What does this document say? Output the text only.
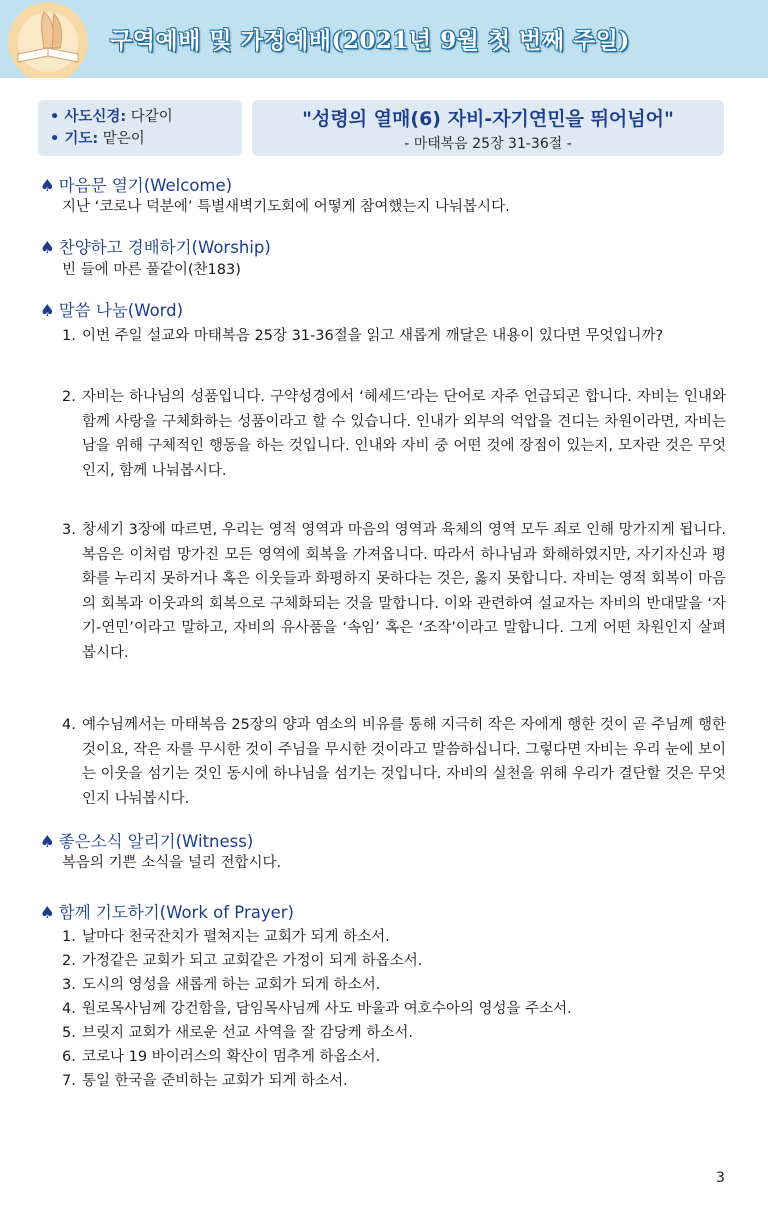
구역예배 및 가정예배(2021년 9월 첫 번째 주일)
• 사도신경: 다같이
• 기도: 맡은이
"성령의 열매(6) 자비-자기연민을 뛰어넘어"
- 마태복음 25장 31-36절 -
♠ 마음문 열기(Welcome)
지난 ‘코로나 덕분에’ 특별새벽기도회에 어떻게 참여했는지 나눠봅시다.
♠ 찬양하고 경배하기(Worship)
빈 들에 마른 풀같이(찬183)
♠ 말씀 나눔(Word)
1. 이번 주일 설교와 마태복음 25장 31-36절을 읽고 새롭게 깨달은 내용이 있다면 무엇입니까?
2. 자비는 하나님의 성품입니다. 구약성경에서 ‘헤세드’라는 단어로 자주 언급되곤 합니다. 자비는 인내와 함께 사랑을 구체화하는 성품이라고 할 수 있습니다. 인내가 외부의 억압을 견디는 차원이라면, 자비는 남을 위해 구체적인 행동을 하는 것입니다. 인내와 자비 중 어떤 것에 장점이 있는지, 모자란 것은 무엇인지, 함께 나눠봅시다.
3. 창세기 3장에 따르면, 우리는 영적 영역과 마음의 영역과 육체의 영역 모두 죄로 인해 망가지게 됩니다. 복음은 이처럼 망가진 모든 영역에 회복을 가져옵니다. 따라서 하나님과 화해하였지만, 자기자신과 평화를 누리지 못하거나 혹은 이웃들과 화평하지 못하다는 것은, 옳지 못합니다. 자비는 영적 회복이 마음의 회복과 이웃과의 회복으로 구체화되는 것을 말합니다. 이와 관련하여 설교자는 자비의 반대말을 ‘자기-연민’이라고 말하고, 자비의 유사품을 ‘속임’ 혹은 ‘조작’이라고 말합니다. 그게 어떤 차원인지 살펴봅시다.
4. 예수님께서는 마태복음 25장의 양과 염소의 비유를 통해 지극히 작은 자에게 행한 것이 곧 주님께 행한 것이요, 작은 자를 무시한 것이 주님을 무시한 것이라고 말씀하십니다. 그렇다면 자비는 우리 눈에 보이는 이웃을 섬기는 것인 동시에 하나님을 섬기는 것입니다. 자비의 실천을 위해 우리가 결단할 것은 무엇인지 나눠봅시다.
♠ 좋은소식 알리기(Witness)
복음의 기쁜 소식을 널리 전합시다.
♠ 함께 기도하기(Work of Prayer)
1. 날마다 천국잔치가 펼쳐지는 교회가 되게 하소서.
2. 가정같은 교회가 되고 교회같은 가정이 되게 하옵소서.
3. 도시의 영성을 새롭게 하는 교회가 되게 하소서.
4. 원로목사님께 강건함을, 담임목사님께 사도 바울과 여호수아의 영성을 주소서.
5. 브릿지 교회가 새로운 선교 사역을 잘 감당케 하소서.
6. 코로나 19 바이러스의 확산이 멈추게 하옵소서.
7. 통일 한국을 준비하는 교회가 되게 하소서.
3
